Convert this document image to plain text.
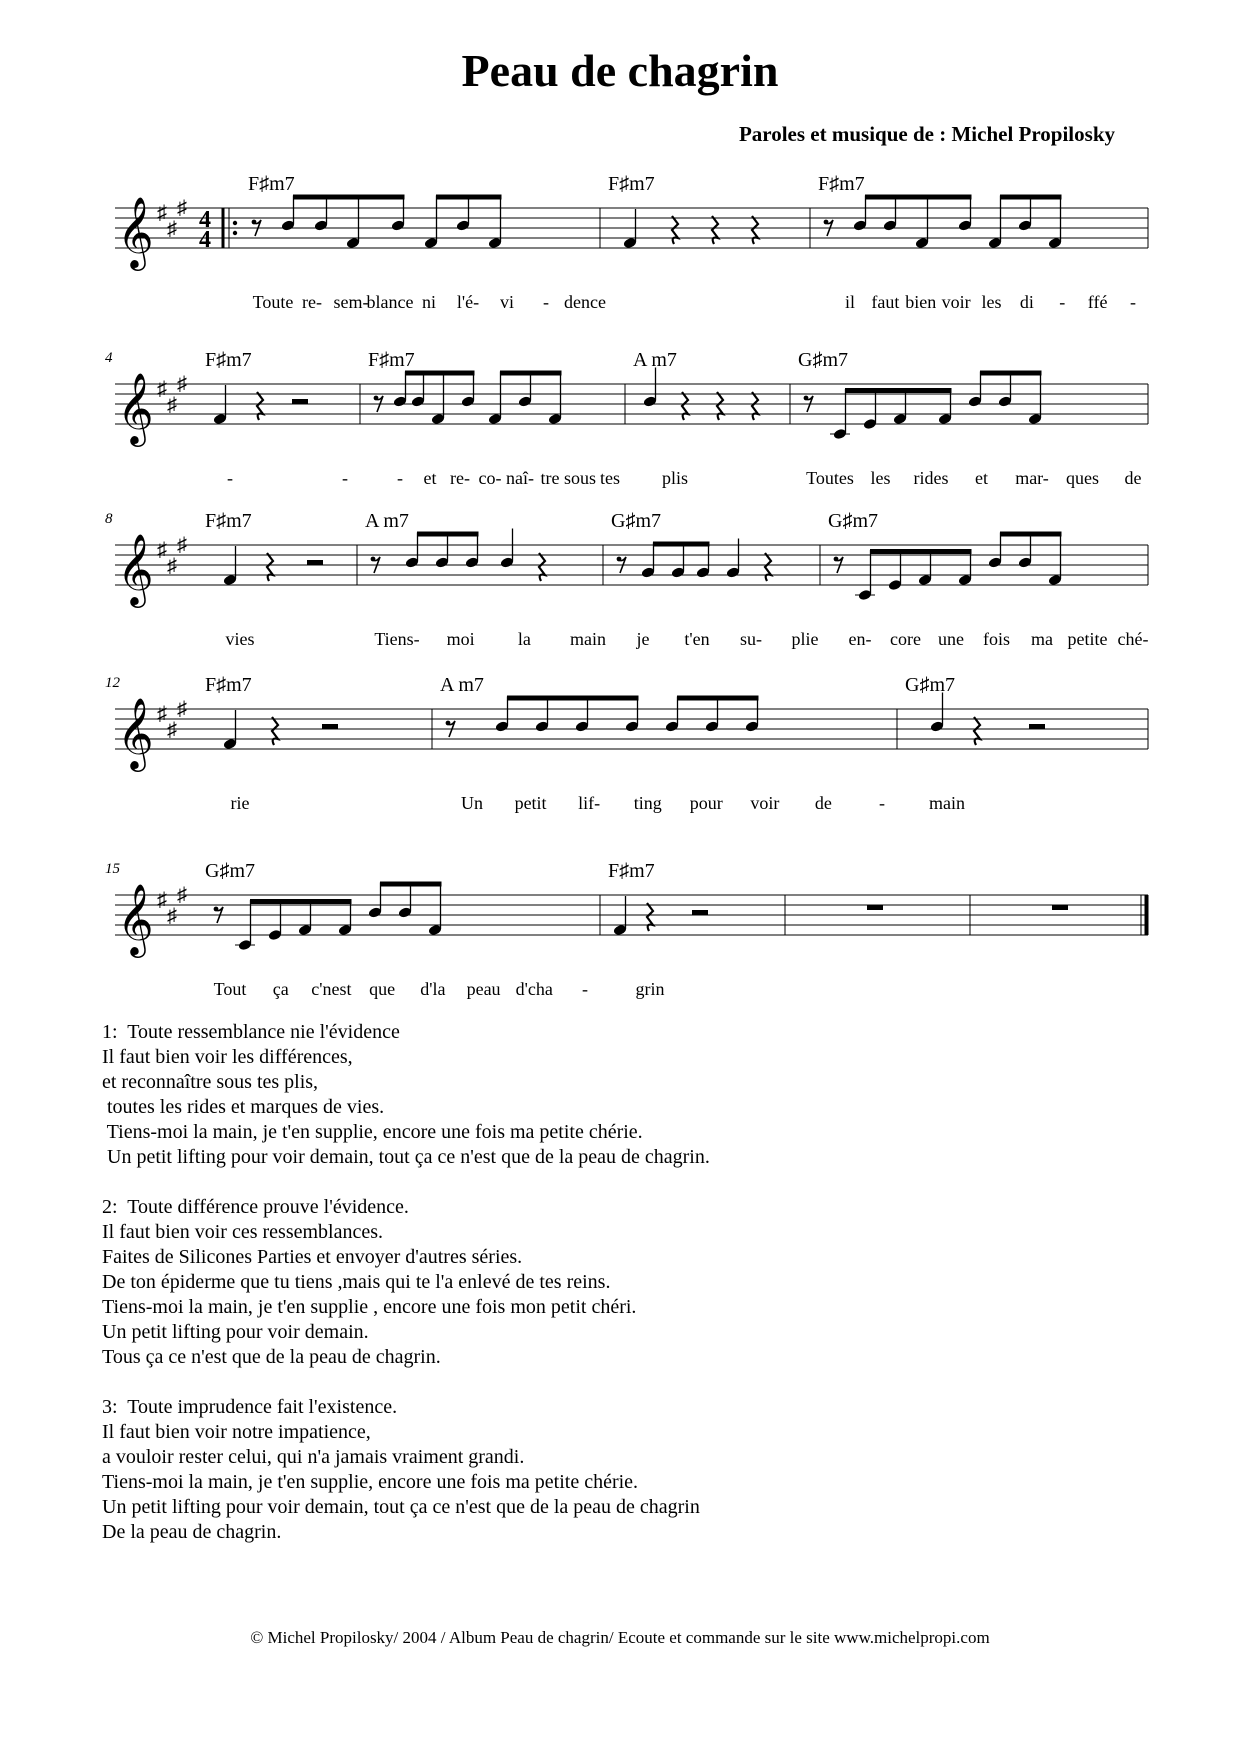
Peau de chagrin
Paroles et musique de : Michel Propilosky
𝄞 ♯
♯
♯ 4
4
F♯m7
Toute re- sem-
blance ni l'é- vi - dence
F♯m7	F♯m7
il faut bien voir les di - ffé -
𝄞 ♯
♯
♯
4	F♯m7
-	-
F♯m7
- et re- co- naî- tre sous tes
A m7
plis
G♯m7
Toutes les rides et mar- ques de
𝄞 ♯
♯
♯
8	F♯m7
vies
A m7
Tiens- moi la main
G♯m7
je t'en su- plie
G♯m7
en- core une fois ma petite ché-
𝄞 ♯
♯
♯
12	F♯m7
rie
A m7
Un petit lif- ting pour voir de	-
G♯m7
main
𝄞 ♯
♯
♯
15	G♯m7
Tout ça c'nest que d'la peau d'cha -
F♯m7
grin
1:  Toute ressemblance nie l'évidence
Il faut bien voir les différences,
et reconnaître sous tes plis,
toutes les rides et marques de vies.
Tiens-moi la main, je t'en supplie, encore une fois ma petite chérie.
Un petit lifting pour voir demain, tout ça ce n'est que de la peau de chagrin.
2:  Toute différence prouve l'évidence.
Il faut bien voir ces ressemblances.
Faites de Silicones Parties et envoyer d'autres séries.
De ton épiderme que tu tiens ,mais qui te l'a enlevé de tes reins.
Tiens-moi la main, je t'en supplie , encore une fois mon petit chéri.
Un petit lifting pour voir demain.
Tous ça ce n'est que de la peau de chagrin.
3:  Toute imprudence fait l'existence.
Il faut bien voir notre impatience,
a vouloir rester celui, qui n'a jamais vraiment grandi.
Tiens-moi la main, je t'en supplie, encore une fois ma petite chérie.
Un petit lifting pour voir demain, tout ça ce n'est que de la peau de chagrin
De la peau de chagrin.
© Michel Propilosky/ 2004 / Album Peau de chagrin/ Ecoute et commande sur le site www.michelpropi.com
